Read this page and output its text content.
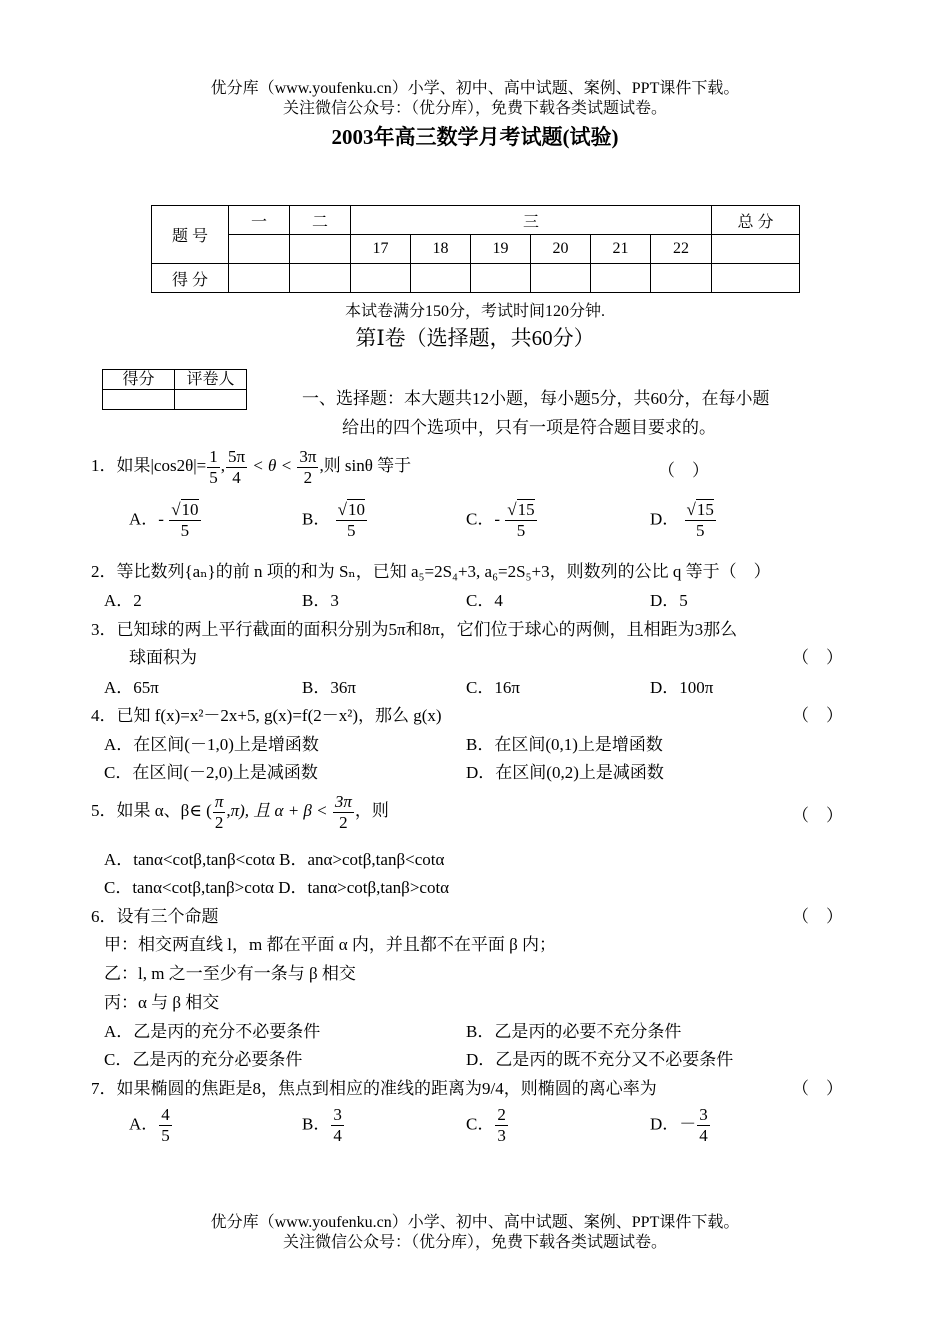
优分库（www.youfenku.cn）小学、初中、高中试题、案例、PPT课件下载。
关注微信公众号：（优分库），免费下载各类试题试卷。
2003年高三数学月考试题(试验)
题 号	一	二	三						总 分
			17	18	19	20	21	22	
得 分									
本试卷满分150分，考试时间120分钟.
第Ⅰ卷（选择题，共60分）
得分	评卷人

一、选择题：本大题共12小题，每小题5分，共60分，在每小题
给出的四个选项中，只有一项是符合题目要求的。
1．如果$|\cos 2\theta|= \frac{1}{5}$ , $\frac{5\pi}{4} < \theta < \frac{3\pi}{2}$ ,则 sinθ 等于	（　）
A．- $\frac{√10}{5}$	B． $\frac{√10}{5}$	C．- $\frac{√15}{5}$	D． $\frac{√15}{5}$
2．等比数列{aₙ}的前 n 项的和为 Sₙ，已知 a₅=2S₄+3, a₆=2S₅+3，则数列的公比 q 等于（　）
A．2	B．3	C．4	D．5
3．已知球的两上平行截面的面积分别为5π和8π，它们位于球心的两侧，且相距为3那么
球面积为	（　）
A．65π	B．36π	C．16π	D．100π
4．已知 f(x)=x²－2x+5, g(x)=f(2－x²)，那么 g(x)	（　）
A．在区间(－1,0)上是增函数	B．在区间(0,1)上是增函数
C．在区间(－2,0)上是减函数	D．在区间(0,2)上是减函数
5．如果 α、β∈ ( $\frac{\pi}{2} ,\pi$), 且 $\alpha + \beta < \frac{3\pi}{2}$ ，则	（　）
A．tanα<cotβ,tanβ<cotα B．anα>cotβ,tanβ<cotα
C．tanα<cotβ,tanβ>cotα D．tanα>cotβ,tanβ>cotα
6．设有三个命题	（　）
甲：相交两直线 l，m 都在平面 α 内，并且都不在平面 β 内；
乙：l, m 之一至少有一条与 β 相交
丙：α 与 β 相交
A．乙是丙的充分不必要条件	B．乙是丙的必要不充分条件
C．乙是丙的充分必要条件	D．乙是丙的既不充分又不必要条件
7．如果椭圆的焦距是8，焦点到相应的准线的距离为9/4，则椭圆的离心率为	（　）
A． $\frac{4}{5}$	B． $\frac{3}{4}$	C． $\frac{2}{3}$	D．－ $\frac{3}{4}$
优分库（www.youfenku.cn）小学、初中、高中试题、案例、PPT课件下载。
关注微信公众号：（优分库），免费下载各类试题试卷。
